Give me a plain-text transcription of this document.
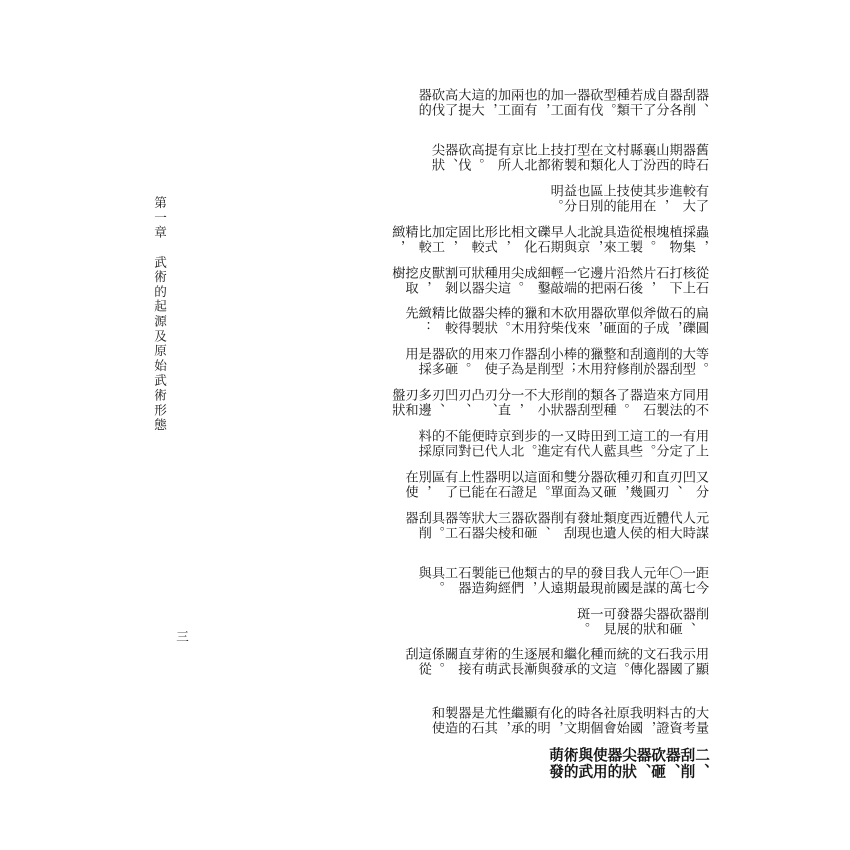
二、刮削器、砍砸器、尖狀器的使用與武術的萌發
大量的考古資料證明，我國原始社會各個時期的文化，有明顯的繼承性，尤其是石器的製造和使
用顯示了我國石器文化的傳統。而這種文化的繼承和發展與逐漸生長的武術萌芽有直接關係。這從刮
削器、砍砸器和尖狀器的發展可見一斑。
距今一七〇萬年的元謀人是我國目前發現的最早期的遠古人類，他們已經能夠製造石器工具。與
元謀人時代大體相近的西侯度人類遺址也發現有刮削器、砍砸器和三棱大尖狀器等石器工具。刮削器
又分凹刃、直刃和圓刃幾種，砍砸器又分為雙面和單面。這足以證明石器在性能上已有了區別，在使
用上有了一定的分工。這些工具到藍田人時代又有一定的進步。到北京人時代便已能對不同的原料採
用不同的方法來製造石器了。各種類型的刮削器形狀大小不一，分直刃、凸刃、凹刃、多邊刃和盤狀
等。大型的刮削器適於刮削和修整狩獵用的木棒；小型刮削器是作為刀子來使用的。砍砸器多是採用
扁圓的礫石，做成斧子似的單面砍砸器，用來砍伐木柴和狩獵用的木棒。尖狀器製做得比較精緻：先
從石核上打下石片，然後沿石片兩邊把它的一端輕敲細鑿成尖。用這種尖狀器可以割剝獸皮，挖取樹
蟲，採集植物塊根。從製造工具來說，北京人與早期礫石文化相比，形式比較固定，加工比較精緻，
有了較大進步，其在使用技能上的區別也日益分明。
舊石器時期的山西襄汾縣丁村人文化在類型和打製技術上都比北京人有所提高。砍伐器、尖狀
器、刮削器各自分成了若干種類型。砍伐器有一面加工的，也有兩面加工的，這大大提高了砍伐器的
第一章　武術的起源及原始武術形態
三
